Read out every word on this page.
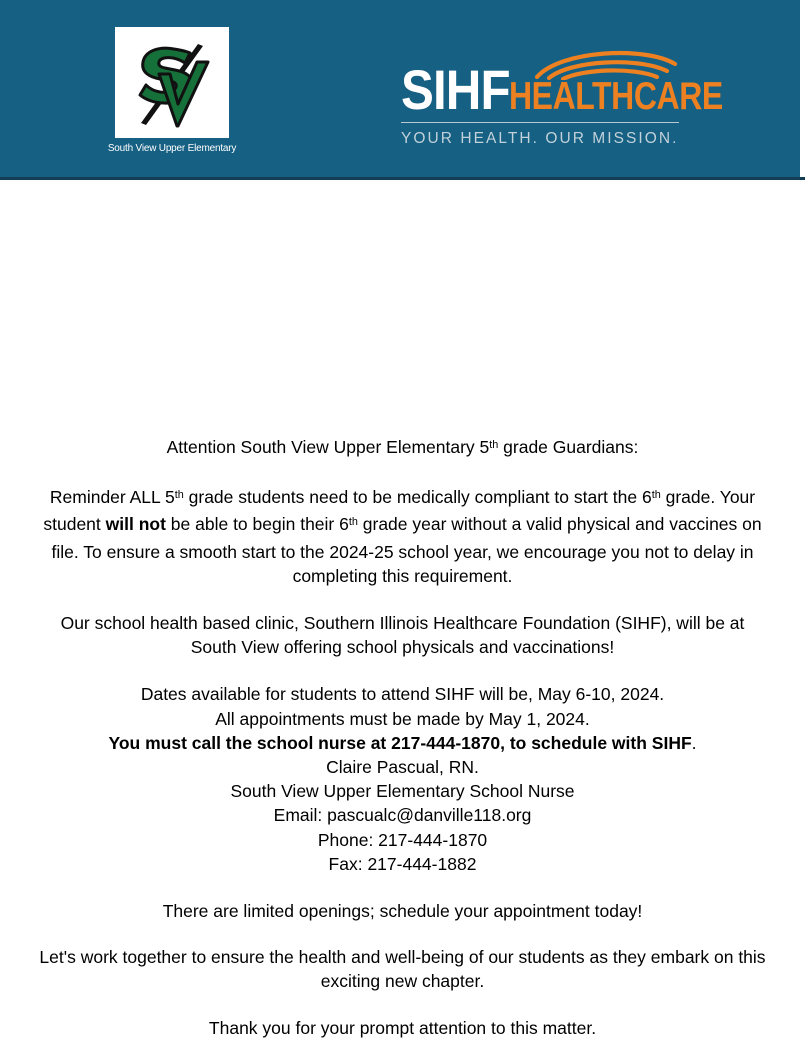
South View Upper Elementary
SIHFHEALTHCARE
YOUR HEALTH. OUR MISSION.

Attention South View Upper Elementary 5th grade Guardians:

Reminder ALL 5th grade students need to be medically compliant to start the 6th grade. Your student will not be able to begin their 6th grade year without a valid physical and vaccines on file. To ensure a smooth start to the 2024-25 school year, we encourage you not to delay in completing this requirement.

Our school health based clinic, Southern Illinois Healthcare Foundation (SIHF), will be at South View offering school physicals and vaccinations!

Dates available for students to attend SIHF will be, May 6-10, 2024.

All appointments must be made by May 1, 2024.

You must call the school nurse at 217-444-1870, to schedule with SIHF.

Claire Pascual, RN.

South View Upper Elementary School Nurse

Email: pascualc@danville118.org

Phone: 217-444-1870

Fax: 217-444-1882

There are limited openings; schedule your appointment today!

Let's work together to ensure the health and well-being of our students as they embark on this exciting new chapter.

Thank you for your prompt attention to this matter.
